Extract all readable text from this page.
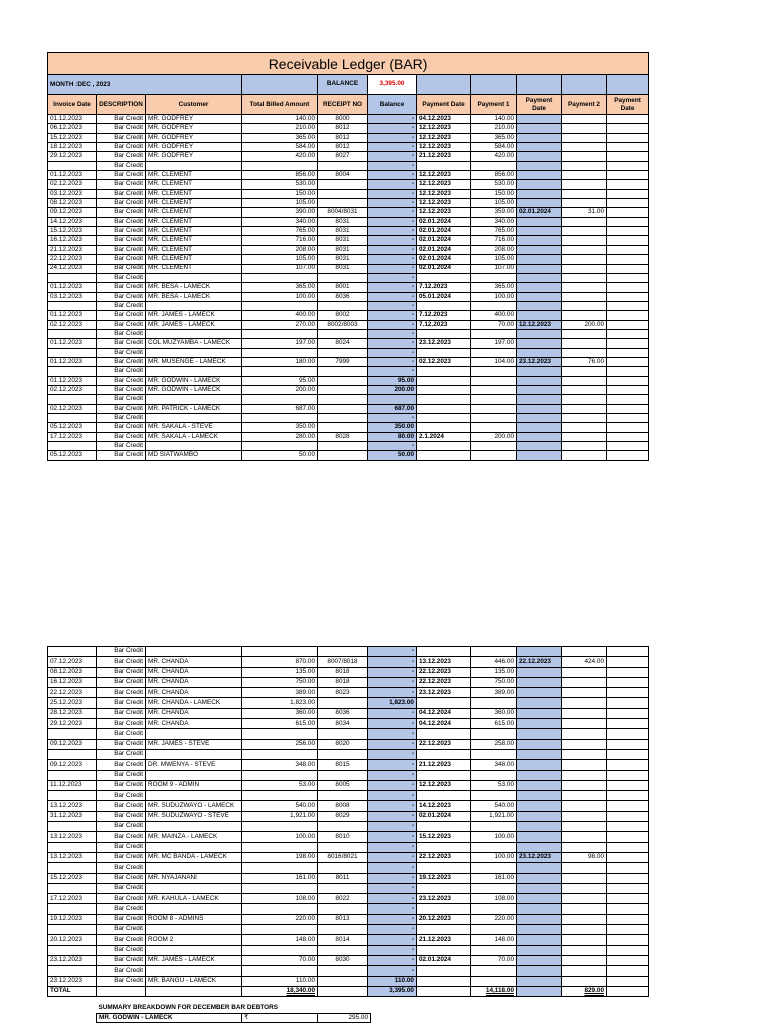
Receivable Ledger (BAR)										
MONTH :DEC , 2023				BALANCE	3,395.00					
Invoice Date	DESCRIPTION	Customer	Total Billed Amount	RECEIPT NO	Balance	Payment Date	Payment 1	Payment Date	Payment 2	Payment Date
01.12.2023	Bar Credit	MR. GODFREY	140.00	8000	-	04.12.2023	140.00			
06.12.2023	Bar Credit	MR. GODFREY	210.00	8012	-	12.12.2023	210.00			
15.12.2023	Bar Credit	MR. GODFREY	365.00	8012	-	12.12.2023	365.00			
18.12.2023	Bar Credit	MR. GODFREY	584.00	8012	-	12.12.2023	584.00			
29.12.2023	Bar Credit	MR. GODFREY	420.00	8027	-	21.12.2023	420.00			
	Bar Credit				-					
01.12.2023	Bar Credit	MR. CLEMENT	856.00	8004	-	12.12.2023	856.00			
02.12.2023	Bar Credit	MR. CLEMENT	530.00		-	12.12.2023	530.00			
03.12.2023	Bar Credit	MR. CLEMENT	150.00		-	12.12.2023	150.00			
08.12.2023	Bar Credit	MR. CLEMENT	105.00		-	12.12.2023	105.00			
09.12.2023	Bar Credit	MR. CLEMENT	390.00	8004/8031	-	12.12.2023	359.00	02.01.2024	31.00	
14.12.2023	Bar Credit	MR. CLEMENT	340.00	8031	-	02.01.2024	340.00			
15.12.2023	Bar Credit	MR. CLEMENT	765.00	8031	-	02.01.2024	765.00			
16.12.2023	Bar Credit	MR. CLEMENT	716.00	8031	-	02.01.2024	716.00			
21.12.2023	Bar Credit	MR. CLEMENT	208.00	8031	-	02.01.2024	208.00			
22.12.2023	Bar Credit	MR. CLEMENT	105.00	8031	-	02.01.2024	105.00			
24.12.2023	Bar Credit	MR. CLEMENT	107.00	8031	-	02.01.2024	107.00			
	Bar Credit				-					
01.12.2023	Bar Credit	MR. BESA - LAMECK	365.00	8001	-	7.12.2023	365.00			
03.12.2023	Bar Credit	MR. BESA - LAMECK	100.00	8036	-	05.01.2024	100.00			
	Bar Credit				-					
01.12.2023	Bar Credit	MR. JAMES - LAMECK	400.00	8002	-	7.12.2023	400.00			
02.12.2023	Bar Credit	MR. JAMES - LAMECK	270.00	8002/8003	-	7.12.2023	70.00	12.12.2023	200.00	
	Bar Credit				-					
01.12.2023	Bar Credit	COL MUZYAMBA - LAMECK	197.00	8024	-	23.12.2023	197.00			
	Bar Credit				-					
01.12.2023	Bar Credit	MR. MUSENGE - LAMECK	180.00	7999	-	02.12.2023	104.00	23.12.2023	76.00	
	Bar Credit				-					
01.12.2023	Bar Credit	MR. GODWIN - LAMECK	95.00		95.00					
02.12.2023	Bar Credit	MR. GODWIN - LAMECK	200.00		200.00					
	Bar Credit									
02.12.2023	Bar Credit	MR. PATRICK - LAMECK	687.00		687.00					
	Bar Credit				-					
05.12.2023	Bar Credit	MR. SAKALA - STEVE	350.00		350.00					
17.12.2023	Bar Credit	MR. SAKALA - LAMECK	280.00	8028	80.00	2.1.2024	200.00			
	Bar Credit				-					
05.12.2023	Bar Credit	MD SIATWAMBO	50.00		50.00					
	Bar Credit				-					
07.12.2023	Bar Credit	MR. CHANDA	870.00	8007/8018	-	13.12.2023	446.00	22.12.2023	424.00	
08.12.2023	Bar Credit	MR. CHANDA	135.00	8018	-	22.12.2023	135.00			
16.12.2023	Bar Credit	MR. CHANDA	750.00	8018	-	22.12.2023	750.00			
22.12.2023	Bar Credit	MR. CHANDA	389.00	8023	-	23.12.2023	389.00			
25.12.2023	Bar Credit	MR. CHANDA - LAMECK	1,823.00		1,823.00					
28.12.2023	Bar Credit	MR. CHANDA	360.00	8036	-	04.12.2024	360.00			
29.12.2023	Bar Credit	MR. CHANDA	615.00	8034	-	04.12.2024	615.00			
	Bar Credit				-					
09.12.2023	Bar Credit	MR. JAMES - STEVE	256.00	8020	-	22.12.2023	258.00			
	Bar Credit				-					
09.12.2023	Bar Credit	DR. MWENYA - STEVE	348.00	8015	-	21.12.2023	348.00			
	Bar Credit				-					
11.12.2023	Bar Credit	ROOM 9 - ADMIN	53.00	8005	-	12.12.2023	53.00			
	Bar Credit				-					
13.12.2023	Bar Credit	MR. SUDUZWAYO - LAMECK	540.00	8008	-	14.12.2023	540.00			
31.12.2023	Bar Credit	MR. SUDUZWAYO - STEVE	1,921.00	8029	-	02.01.2024	1,921.00			
	Bar Credit				-					
13.12.2023	Bar Credit	MR. MAINZA - LAMECK	100.00	8010	-	15.12.2023	100.00			
	Bar Credit				-					
13.12.2023	Bar Credit	MR. MC BANDA - LAMECK	198.00	8016/8021	-	22.12.2023	100.00	23.12.2023	98.00	
	Bar Credit				-					
15.12.2023	Bar Credit	MR. NYAJANANI	161.00	8011	-	19.12.2023	161.00			
	Bar Credit				-					
17.12.2023	Bar Credit	MR. KAHULA - LAMECK	108.00	8022	-	23.12.2023	108.00			
	Bar Credit				-					
19.12.2023	Bar Credit	ROOM 8 - ADMINS	220.00	8013	-	20.12.2023	220.00			
	Bar Credit				-					
20.12.2023	Bar Credit	ROOM 2	148.00	8014	-	21.12.2023	148.00			
	Bar Credit				-					
23.12.2023	Bar Credit	MR. JAMES - LAMECK	70.00	8030	-	02.01.2024	70.00			
	Bar Credit				-					
23.12.2023	Bar Credit	MR. BANGU - LAMECK	110.00		110.00					
TOTAL			18,340.00		3,395.00		14,118.00		829.00	
SUMMARY BREAKDOWN FOR DECEMBER BAR DEBTORS
MR. GODWIN - LAMECK	₹	295.00
